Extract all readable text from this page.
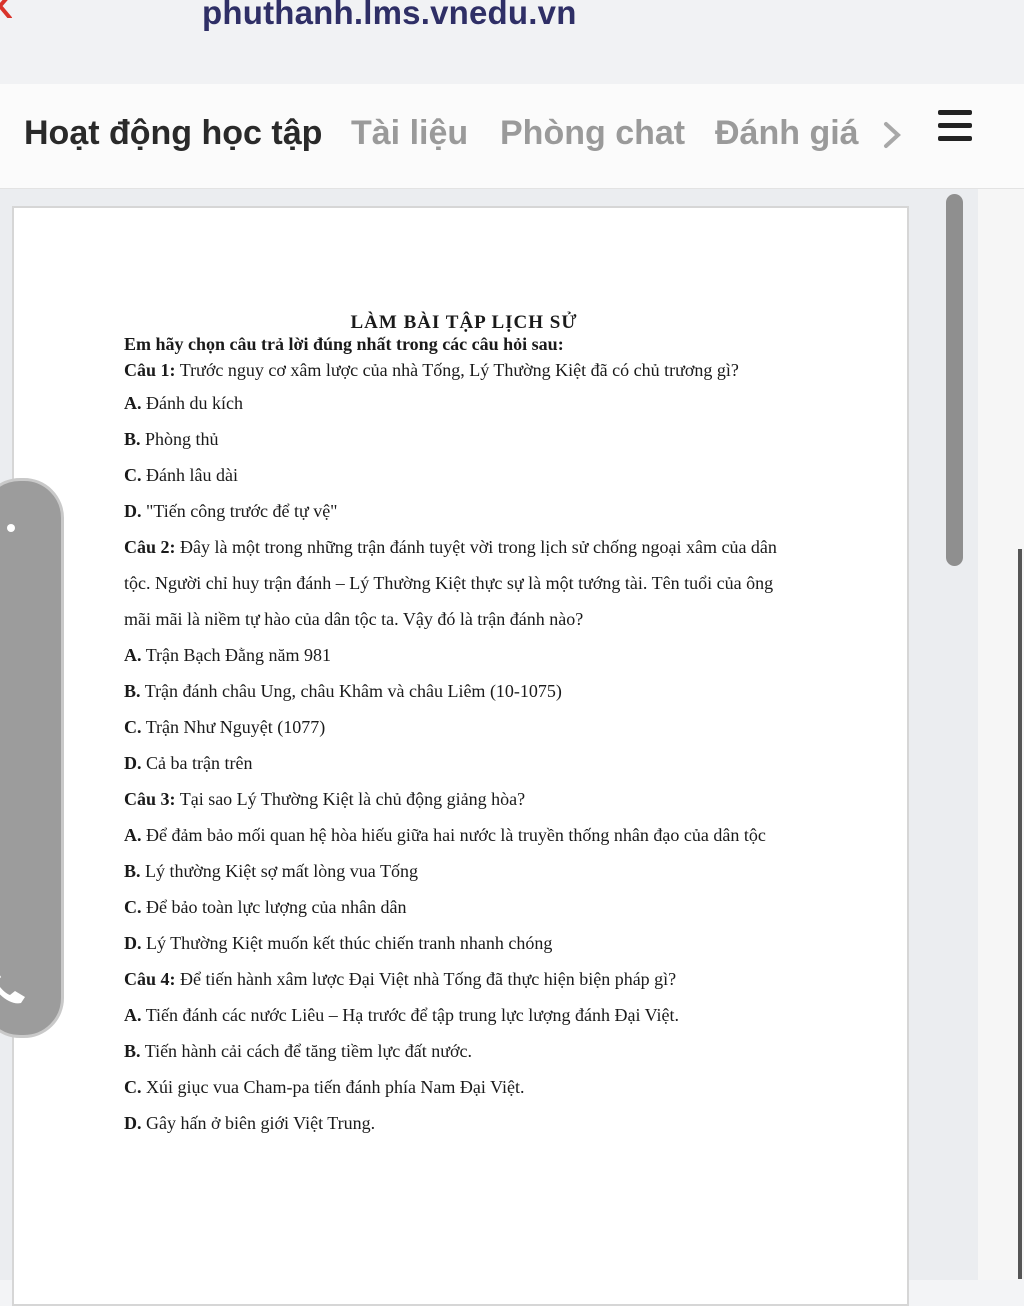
phuthanh.lms.vnedu.vn
Hoạt động học tập Tài liệu Phòng chat Đánh giá

LÀM BÀI TẬP LỊCH SỬ

Em hãy chọn câu trả lời đúng nhất trong các câu hỏi sau:

Câu 1: Trước nguy cơ xâm lược của nhà Tống, Lý Thường Kiệt đã có chủ trương gì?

A. Đánh du kích

B. Phòng thủ

C. Đánh lâu dài

D. "Tiến công trước để tự vệ"

Câu 2: Đây là một trong những trận đánh tuyệt vời trong lịch sử chống ngoại xâm của dân tộc. Người chỉ huy trận đánh – Lý Thường Kiệt thực sự là một tướng tài. Tên tuổi của ông mãi mãi là niềm tự hào của dân tộc ta. Vậy đó là trận đánh nào?

A. Trận Bạch Đằng năm 981

B. Trận đánh châu Ung, châu Khâm và châu Liêm (10-1075)

C. Trận Như Nguyệt (1077)

D. Cả ba trận trên

Câu 3: Tại sao Lý Thường Kiệt là chủ động giảng hòa?

A. Để đảm bảo mối quan hệ hòa hiếu giữa hai nước là truyền thống nhân đạo của dân tộc

B. Lý thường Kiệt sợ mất lòng vua Tống

C. Để bảo toàn lực lượng của nhân dân

D. Lý Thường Kiệt muốn kết thúc chiến tranh nhanh chóng

Câu 4: Để tiến hành xâm lược Đại Việt nhà Tống đã thực hiện biện pháp gì?

A. Tiến đánh các nước Liêu – Hạ trước để tập trung lực lượng đánh Đại Việt.

B. Tiến hành cải cách để tăng tiềm lực đất nước.

C. Xúi giục vua Cham-pa tiến đánh phía Nam Đại Việt.

D. Gây hấn ở biên giới Việt Trung.
